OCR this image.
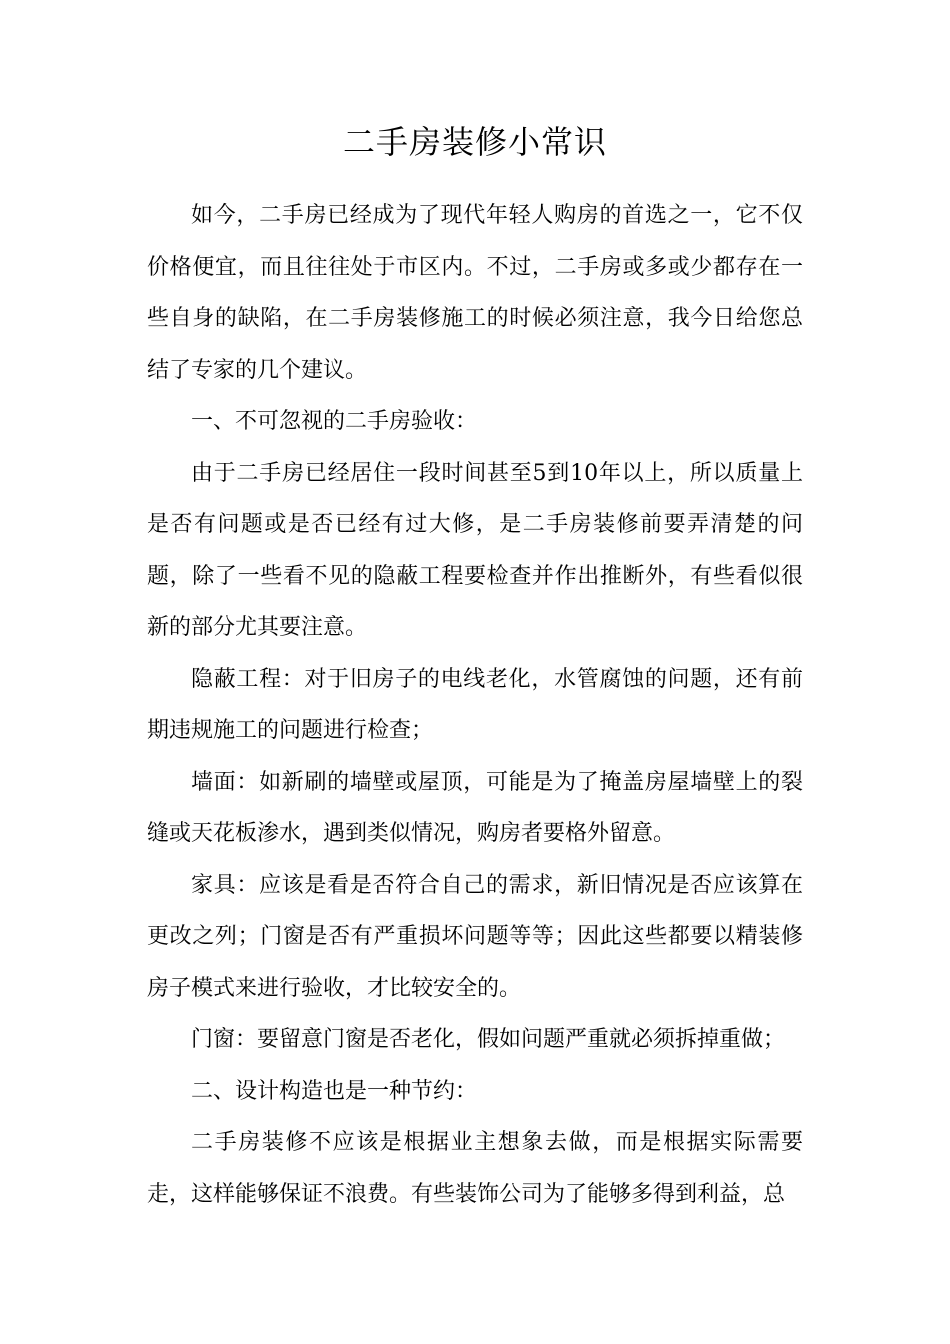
二手房装修小常识

如今，二手房已经成为了现代年轻人购房的首选之一，它不仅价格便宜，而且往往处于市区内。不过，二手房或多或少都存在一些自身的缺陷，在二手房装修施工的时候必须注意，我今日给您总结了专家的几个建议。

一、不可忽视的二手房验收：

由于二手房已经居住一段时间甚至5到10年以上，所以质量上是否有问题或是否已经有过大修，是二手房装修前要弄清楚的问题，除了一些看不见的隐蔽工程要检查并作出推断外，有些看似很新的部分尤其要注意。

隐蔽工程：对于旧房子的电线老化，水管腐蚀的问题，还有前期违规施工的问题进行检查；

墙面：如新刷的墙壁或屋顶，可能是为了掩盖房屋墙壁上的裂缝或天花板渗水，遇到类似情况，购房者要格外留意。

家具：应该是看是否符合自己的需求，新旧情况是否应该算在更改之列；门窗是否有严重损坏问题等等；因此这些都要以精装修房子模式来进行验收，才比较安全的。

门窗：要留意门窗是否老化，假如问题严重就必须拆掉重做；

二、设计构造也是一种节约：

二手房装修不应该是根据业主想象去做，而是根据实际需要走，这样能够保证不浪费。有些装饰公司为了能够多得到利益，总
